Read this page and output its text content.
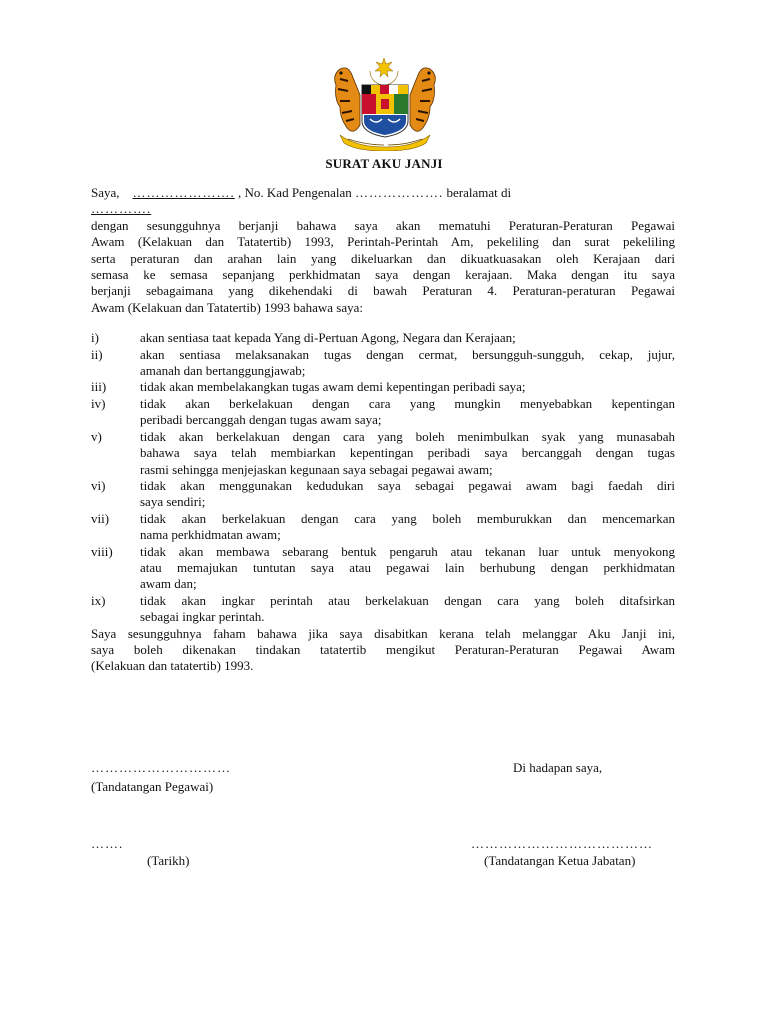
SURAT AKU JANJI
Saya, …………………. , No. Kad Pengenalan ………………. beralamat di
………….
dengan sesungguhnya berjanji bahawa saya akan mematuhi Peraturan-Peraturan Pegawai
Awam (Kelakuan dan Tatatertib) 1993, Perintah-Perintah Am, pekeliling dan surat pekeliling
serta peraturan dan arahan lain yang dikeluarkan dan dikuatkuasakan oleh Kerajaan dari
semasa ke semasa sepanjang perkhidmatan saya dengan kerajaan. Maka dengan itu saya
berjanji sebagaimana yang dikehendaki di bawah Peraturan 4. Peraturan-peraturan Pegawai
Awam (Kelakuan dan Tatatertib) 1993 bahawa saya:
i)	akan sentiasa taat kepada Yang di-Pertuan Agong, Negara dan Kerajaan;
ii)	akan sentiasa melaksanakan tugas dengan cermat, bersungguh-sungguh, cekap, jujur,
amanah dan bertanggungjawab;
iii)	tidak akan membelakangkan tugas awam demi kepentingan peribadi saya;
iv)	tidak akan berkelakuan dengan cara yang mungkin menyebabkan kepentingan
peribadi bercanggah dengan tugas awam saya;
v)	tidak akan berkelakuan dengan cara yang boleh menimbulkan syak yang munasabah
bahawa saya telah membiarkan kepentingan peribadi saya bercanggah dengan tugas
rasmi sehingga menjejaskan kegunaan saya sebagai pegawai awam;
vi)	tidak akan menggunakan kedudukan saya sebagai pegawai awam bagi faedah diri
saya sendiri;
vii)	tidak akan berkelakuan dengan cara yang boleh memburukkan dan mencemarkan
nama perkhidmatan awam;
viii)	tidak akan membawa sebarang bentuk pengaruh atau tekanan luar untuk menyokong
atau memajukan tuntutan saya atau pegawai lain berhubung dengan perkhidmatan
awam dan;
ix)	tidak akan ingkar perintah atau berkelakuan dengan cara yang boleh ditafsirkan
sebagai ingkar perintah.
Saya sesungguhnya faham bahawa jika saya disabitkan kerana telah melanggar Aku Janji ini,
saya boleh dikenakan tindakan tatatertib mengikut Peraturan-Peraturan Pegawai Awam
(Kelakuan dan tatatertib) 1993.
…………………………	Di hadapan saya,
(Tandatangan Pegawai)
…….	…………………………………
(Tarikh)	(Tandatangan Ketua Jabatan)
